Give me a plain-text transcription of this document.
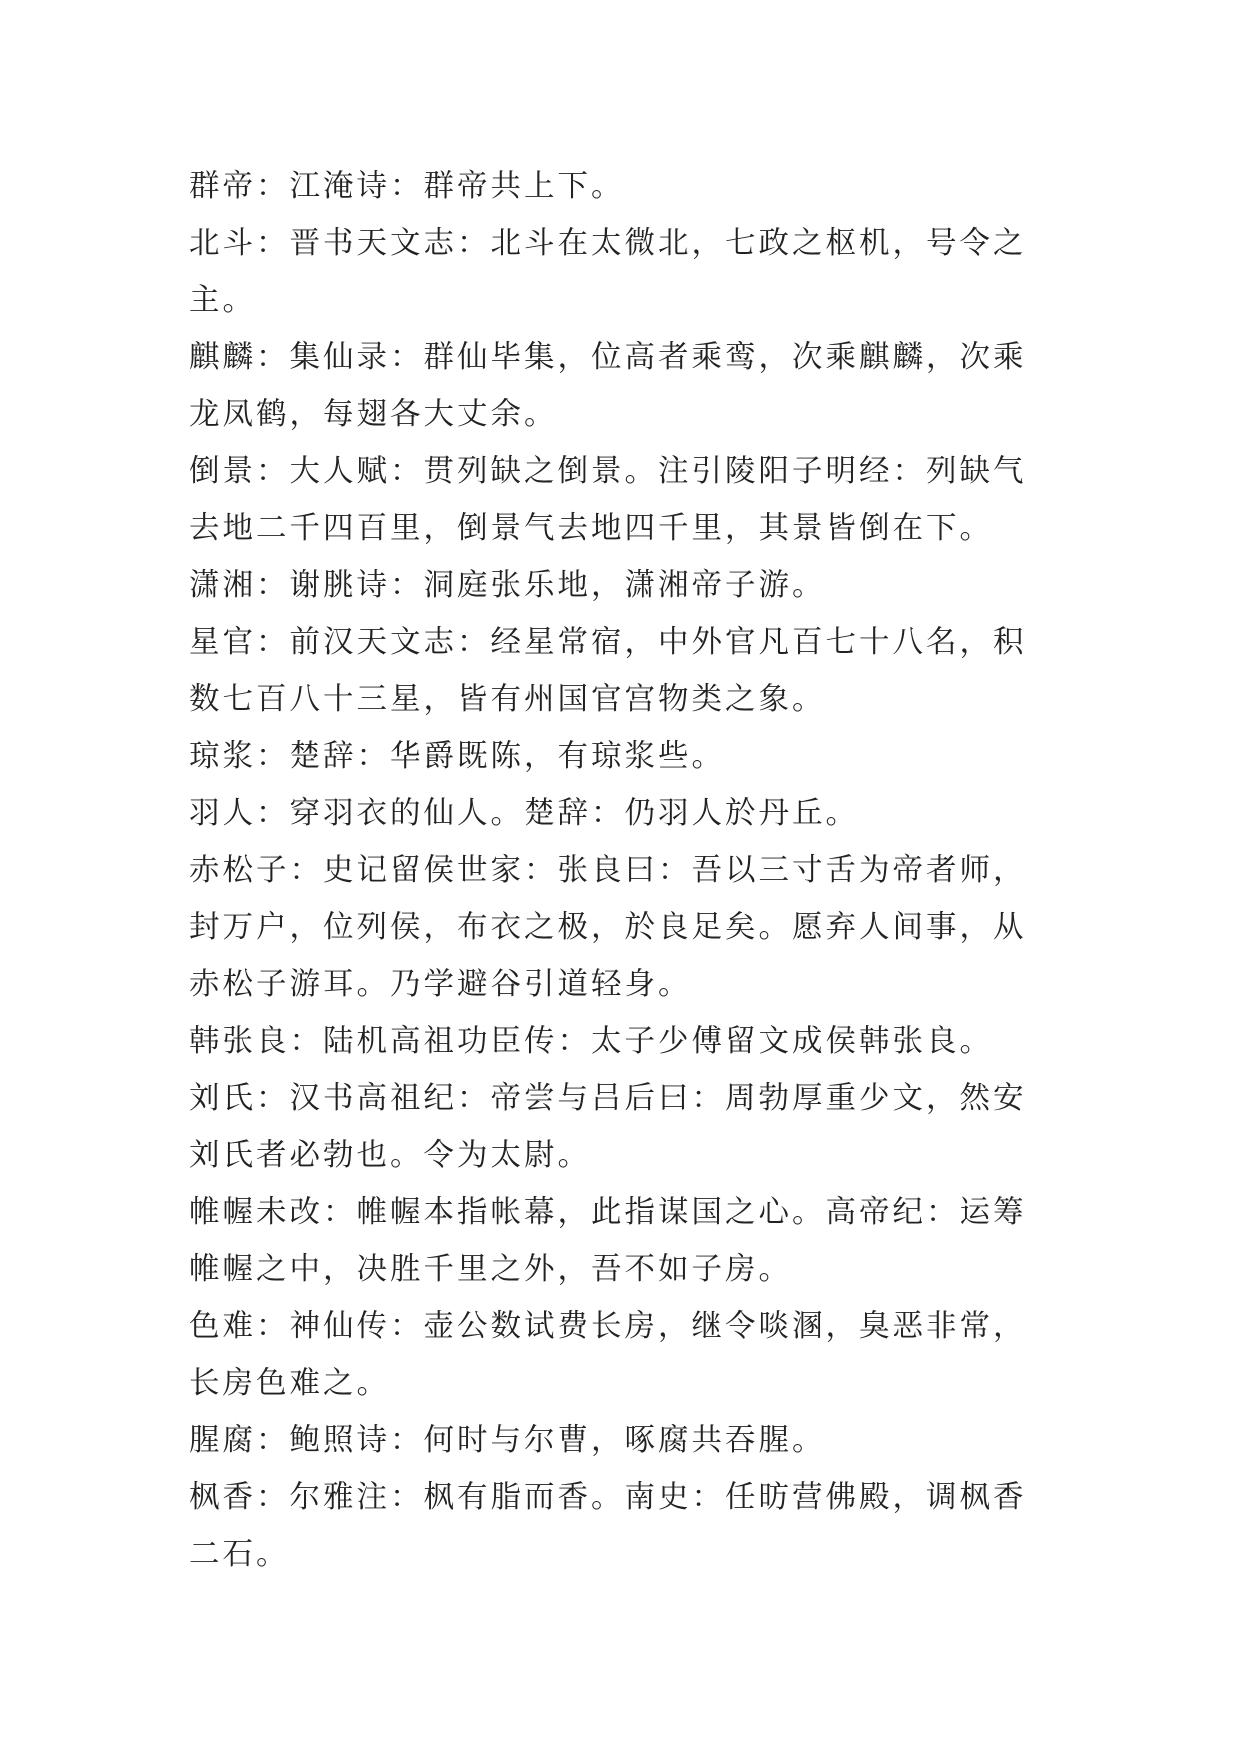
群帝：江淹诗：群帝共上下。

北斗：晋书天文志：北斗在太微北，七政之枢机，号令之主。

麒麟：集仙录：群仙毕集，位高者乘鸾，次乘麒麟，次乘龙凤鹤，每翅各大丈余。

倒景：大人赋：贯列缺之倒景。注引陵阳子明经：列缺气去地二千四百里，倒景气去地四千里，其景皆倒在下。

潇湘：谢朓诗：洞庭张乐地，潇湘帝子游。

星官：前汉天文志：经星常宿，中外官凡百七十八名，积数七百八十三星，皆有州国官宫物类之象。

琼浆：楚辞：华爵既陈，有琼浆些。

羽人：穿羽衣的仙人。楚辞：仍羽人於丹丘。

赤松子：史记留侯世家：张良曰：吾以三寸舌为帝者师，封万户，位列侯，布衣之极，於良足矣。愿弃人间事，从赤松子游耳。乃学避谷引道轻身。

韩张良：陆机高祖功臣传：太子少傅留文成侯韩张良。

刘氏：汉书高祖纪：帝尝与吕后曰：周勃厚重少文，然安刘氏者必勃也。令为太尉。

帷幄未改：帷幄本指帐幕，此指谋国之心。高帝纪：运筹帷幄之中，决胜千里之外，吾不如子房。

色难：神仙传：壶公数试费长房，继令啖溷，臭恶非常，长房色难之。

腥腐：鲍照诗：何时与尔曹，啄腐共吞腥。

枫香：尔雅注：枫有脂而香。南史：任昉营佛殿，调枫香二石。
